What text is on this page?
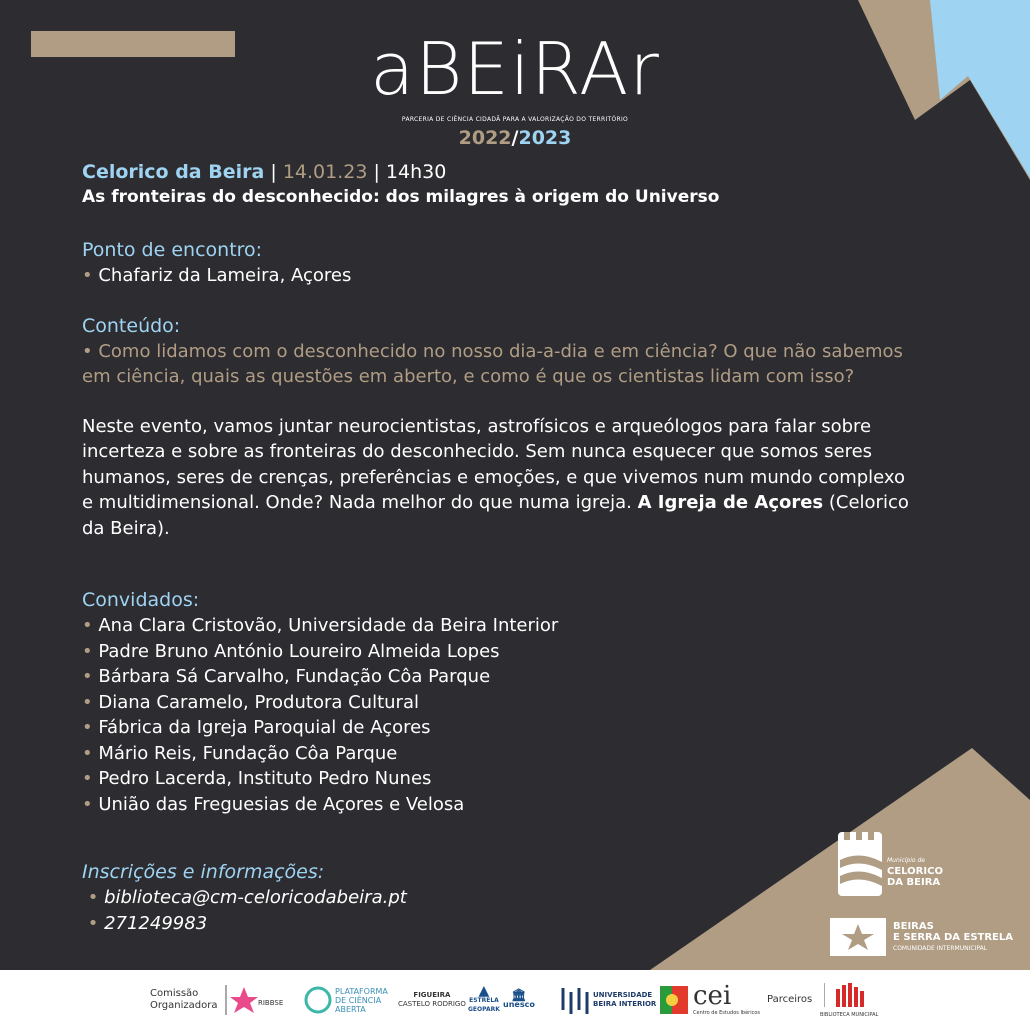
aBEiRAr
PARCERIA DE CIÊNCIA CIDADÃ PARA A VALORIZAÇÃO DO TERRITÓRIO
2022/2023
Celorico da Beira | 14.01.23 | 14h30
As fronteiras do desconhecido: dos milagres à origem do Universo
Ponto de encontro:
• Chafariz da Lameira, Açores
Conteúdo:
• Como lidamos com o desconhecido no nosso dia-a-dia e em ciência? O que não sabemos
em ciência, quais as questões em aberto, e como é que os cientistas lidam com isso?
Neste evento, vamos juntar neurocientistas, astrofísicos e arqueólogos para falar sobre
incerteza e sobre as fronteiras do desconhecido. Sem nunca esquecer que somos seres
humanos, seres de crenças, preferências e emoções, e que vivemos num mundo complexo
e multidimensional. Onde? Nada melhor do que numa igreja. A Igreja de Açores (Celorico
da Beira).
Convidados:
• Ana Clara Cristovão, Universidade da Beira Interior
• Padre Bruno António Loureiro Almeida Lopes
• Bárbara Sá Carvalho, Fundação Côa Parque
• Diana Caramelo, Produtora Cultural
• Fábrica da Igreja Paroquial de Açores
• Mário Reis, Fundação Côa Parque
• Pedro Lacerda, Instituto Pedro Nunes
• União das Freguesias de Açores e Velosa
Inscrições e informações:
• biblioteca@cm-celoricodabeira.pt
• 271249983
Município de
CELORICO
DA BEIRA
BEIRAS
E SERRA DA ESTRELA
COMUNIDADE INTERMUNICIPAL
Comissão
Organizadora	RIBBSE
PLATAFORMA
DE CIÊNCIA
ABERTA
FIGUEIRA
CASTELO RODRIGO
▲
ESTRELA
GEOPARK
🏛
unesco
UNIVERSIDADE
BEIRA INTERIOR cei
Centro de Estudos Ibéricos
Parceiros
BIBLIOTECA MUNICIPAL
